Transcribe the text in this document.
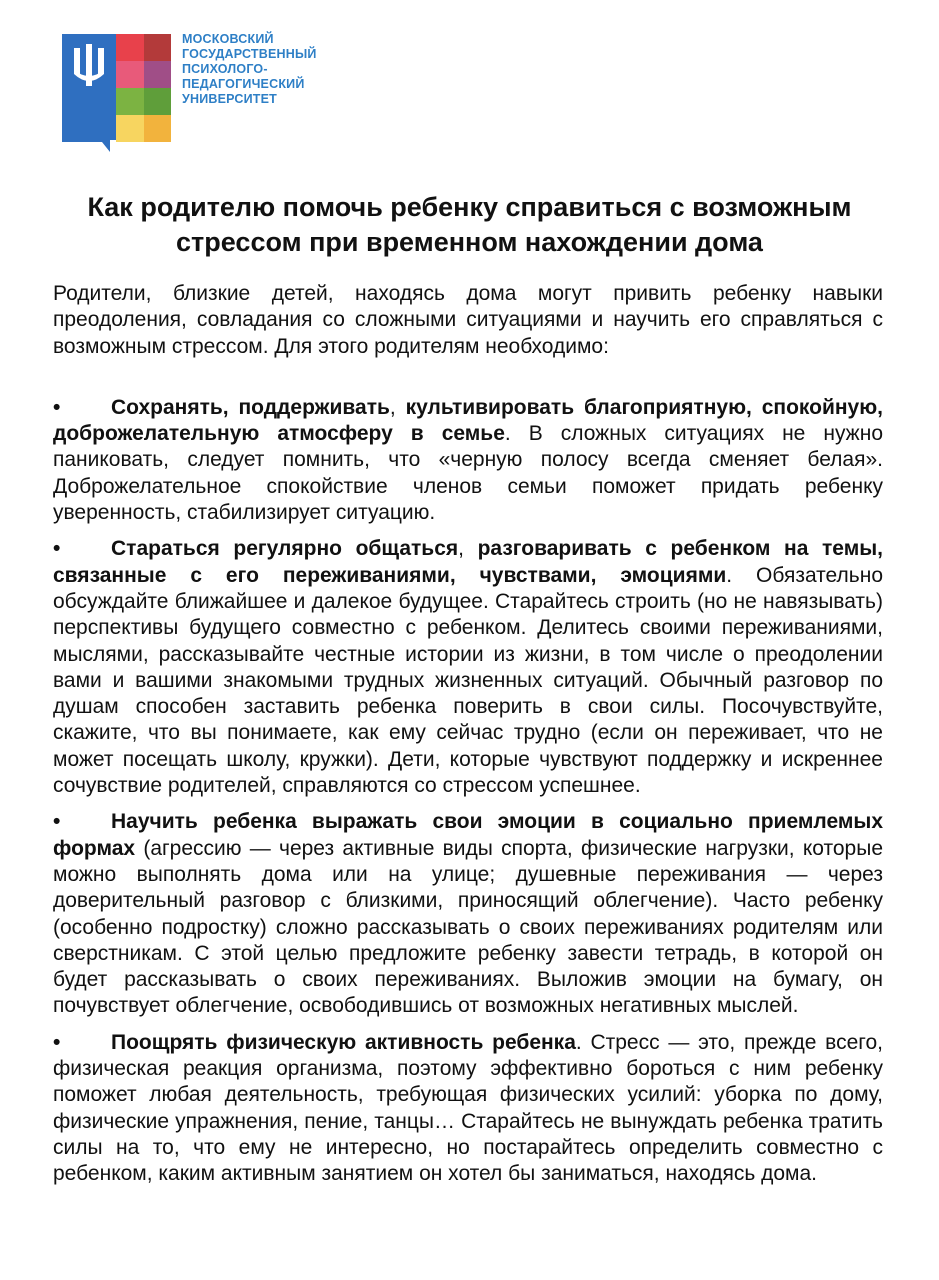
МОСКОВСКИЙ
ГОСУДАРСТВЕННЫЙ
ПСИХОЛОГО-
ПЕДАГОГИЧЕСКИЙ
УНИВЕРСИТЕТ
Как родителю помочь ребенку справиться с возможным стрессом при временном нахождении дома

Родители, близкие детей, находясь дома могут привить ребенку навыки преодоления, совладания со сложными ситуациями и научить его справляться с возможным стрессом. Для этого родителям необходимо:

• Сохранять, поддерживать, культивировать благоприятную, спокойную, доброжелательную атмосферу в семье. В сложных ситуациях не нужно паниковать, следует помнить, что «черную полосу всегда сменяет белая». Доброжелательное спокойствие членов семьи поможет придать ребенку уверенность, стабилизирует ситуацию.

• Стараться регулярно общаться, разговаривать с ребенком на темы, связанные с его переживаниями, чувствами, эмоциями. Обязательно обсуждайте ближайшее и далекое будущее. Старайтесь строить (но не навязывать) перспективы будущего совместно с ребенком. Делитесь своими переживаниями, мыслями, рассказывайте честные истории из жизни, в том числе о преодолении вами и вашими знакомыми трудных жизненных ситуаций. Обычный разговор по душам способен заставить ребенка поверить в свои силы. Посочувствуйте, скажите, что вы понимаете, как ему сейчас трудно (если он переживает, что не может посещать школу, кружки). Дети, которые чувствуют поддержку и искреннее сочувствие родителей, справляются со стрессом успешнее.

• Научить ребенка выражать свои эмоции в социально приемлемых формах (агрессию — через активные виды спорта, физические нагрузки, которые можно выполнять дома или на улице; душевные переживания — через доверительный разговор с близкими, приносящий облегчение). Часто ребенку (особенно подростку) сложно рассказывать о своих переживаниях родителям или сверстникам. С этой целью предложите ребенку завести тетрадь, в которой он будет рассказывать о своих переживаниях. Выложив эмоции на бумагу, он почувствует облегчение, освободившись от возможных негативных мыслей.

• Поощрять физическую активность ребенка. Стресс — это, прежде всего, физическая реакция организма, поэтому эффективно бороться с ним ребенку поможет любая деятельность, требующая физических усилий: уборка по дому, физические упражнения, пение, танцы… Старайтесь не вынуждать ребенка тратить силы на то, что ему не интересно, но постарайтесь определить совместно с ребенком, каким активным занятием он хотел бы заниматься, находясь дома.
